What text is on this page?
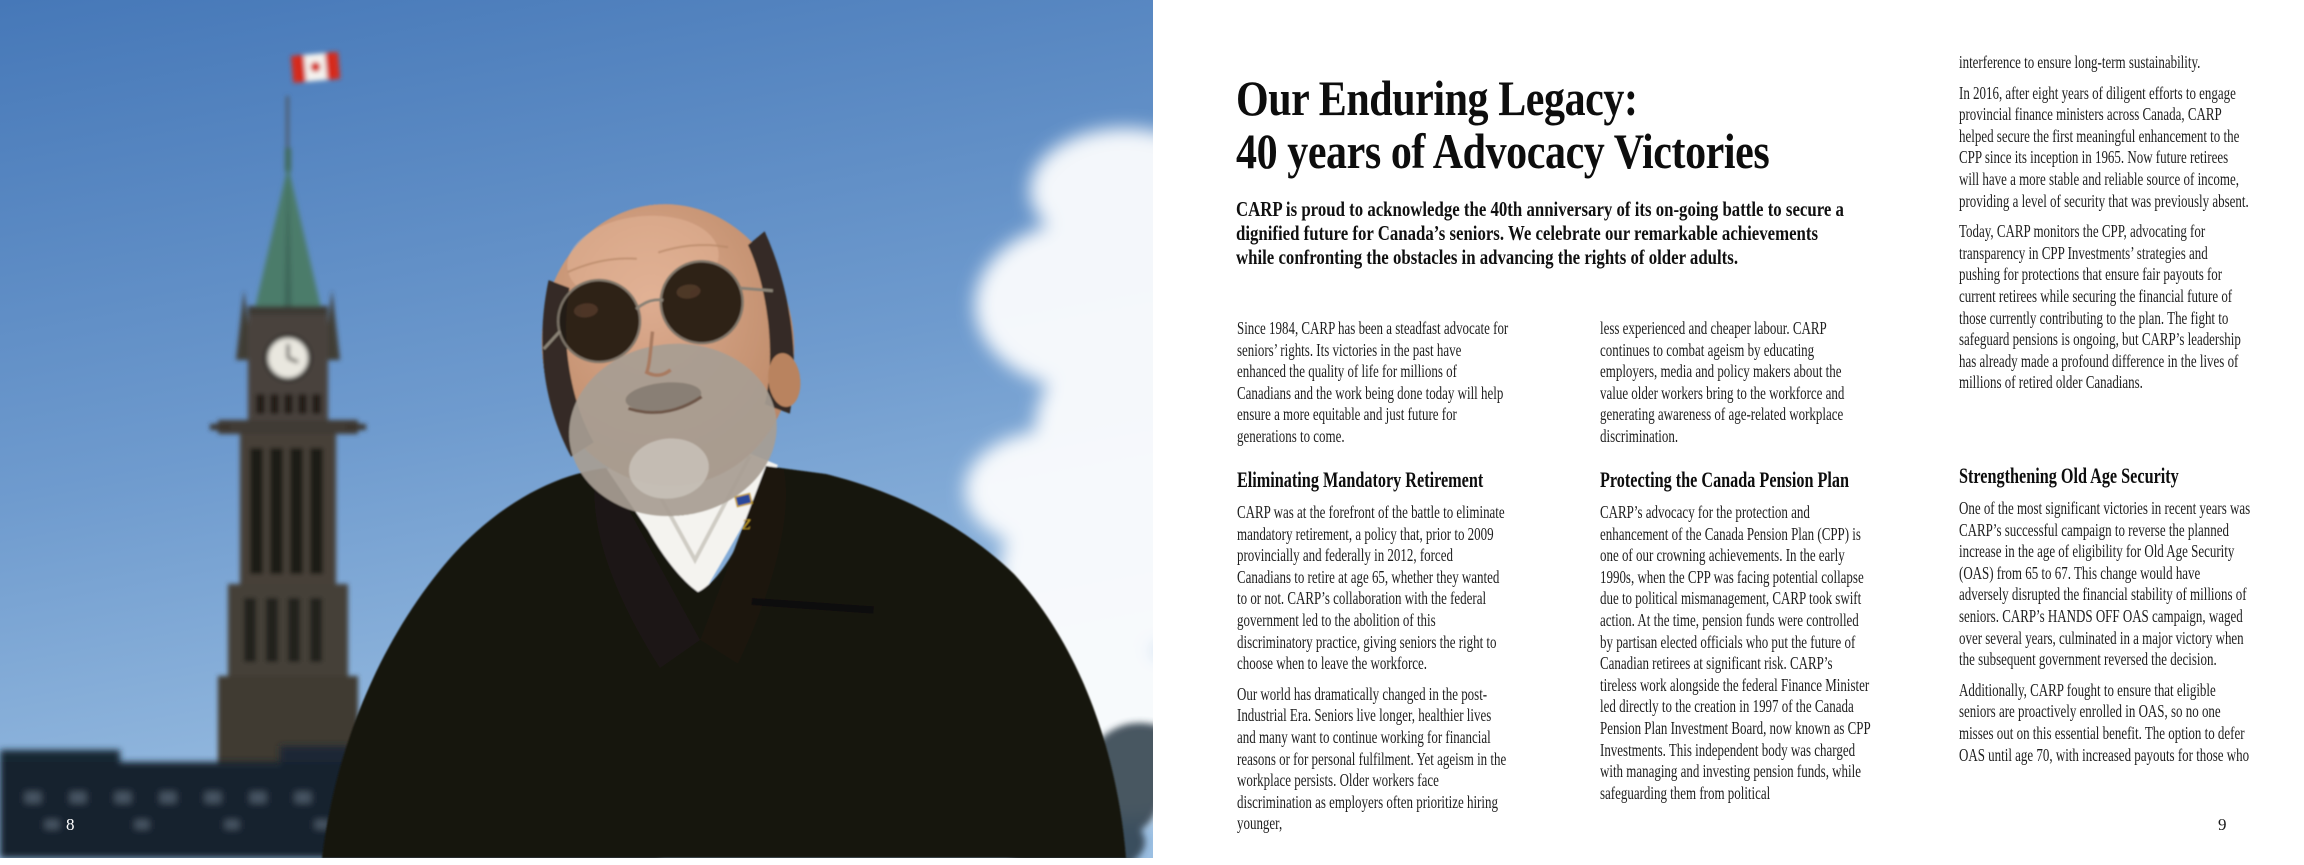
Z
8
Our Enduring Legacy:
40 years of Advocacy Victories
CARP is proud to acknowledge the 40th anniversary of its on-going battle to secure a dignified future for Canada’s seniors. We celebrate our remarkable achievements while confronting the obstacles in advancing the rights of older adults.

Since 1984, CARP has been a steadfast advocate for seniors’ rights. Its victories in the past have enhanced the quality of life for millions of Canadians and the work being done today will help ensure a more equitable and just future for generations to come.

Eliminating Mandatory Retirement

CARP was at the forefront of the battle to eliminate mandatory retirement, a policy that, prior to 2009 provincially and federally in 2012, forced Canadians to retire at age 65, whether they wanted to or not. CARP’s collaboration with the federal government led to the abolition of this discriminatory practice, giving seniors the right to choose when to leave the workforce.

Our world has dramatically changed in the post-Industrial Era. Seniors live longer, healthier lives and many want to continue working for financial reasons or for personal fulfilment. Yet ageism in the workplace persists. Older workers face discrimination as employers often prioritize hiring younger,

less experienced and cheaper labour. CARP continues to combat ageism by educating employers, media and policy makers about the value older workers bring to the workforce and generating awareness of age-related workplace discrimination.

Protecting the Canada Pension Plan

CARP’s advocacy for the protection and enhancement of the Canada Pension Plan (CPP) is one of our crowning achievements. In the early 1990s, when the CPP was facing potential collapse due to political mismanagement, CARP took swift action. At the time, pension funds were controlled by partisan elected officials who put the future of Canadian retirees at significant risk. CARP’s tireless work alongside the federal Finance Minister led directly to the creation in 1997 of the Canada Pension Plan Investment Board, now known as CPP Investments. This independent body was charged with managing and investing pension funds, while safeguarding them from political

interference to ensure long-term sustainability.

In 2016, after eight years of diligent efforts to engage provincial finance ministers across Canada, CARP helped secure the first meaningful enhancement to the CPP since its inception in 1965. Now future retirees will have a more stable and reliable source of income, providing a level of security that was previously absent.

Today, CARP monitors the CPP, advocating for transparency in CPP Investments’ strategies and pushing for protections that ensure fair payouts for current retirees while securing the financial future of those currently contributing to the plan. The fight to safeguard pensions is ongoing, but CARP’s leadership has already made a profound difference in the lives of millions of retired older Canadians.

Strengthening Old Age Security

One of the most significant victories in recent years was CARP’s successful campaign to reverse the planned increase in the age of eligibility for Old Age Security (OAS) from 65 to 67. This change would have adversely disrupted the financial stability of millions of seniors. CARP’s HANDS OFF OAS campaign, waged over several years, culminated in a major victory when the subsequent government reversed the decision.

Additionally, CARP fought to ensure that eligible seniors are proactively enrolled in OAS, so no one misses out on this essential benefit. The option to defer OAS until age 70, with increased payouts for those who

9
